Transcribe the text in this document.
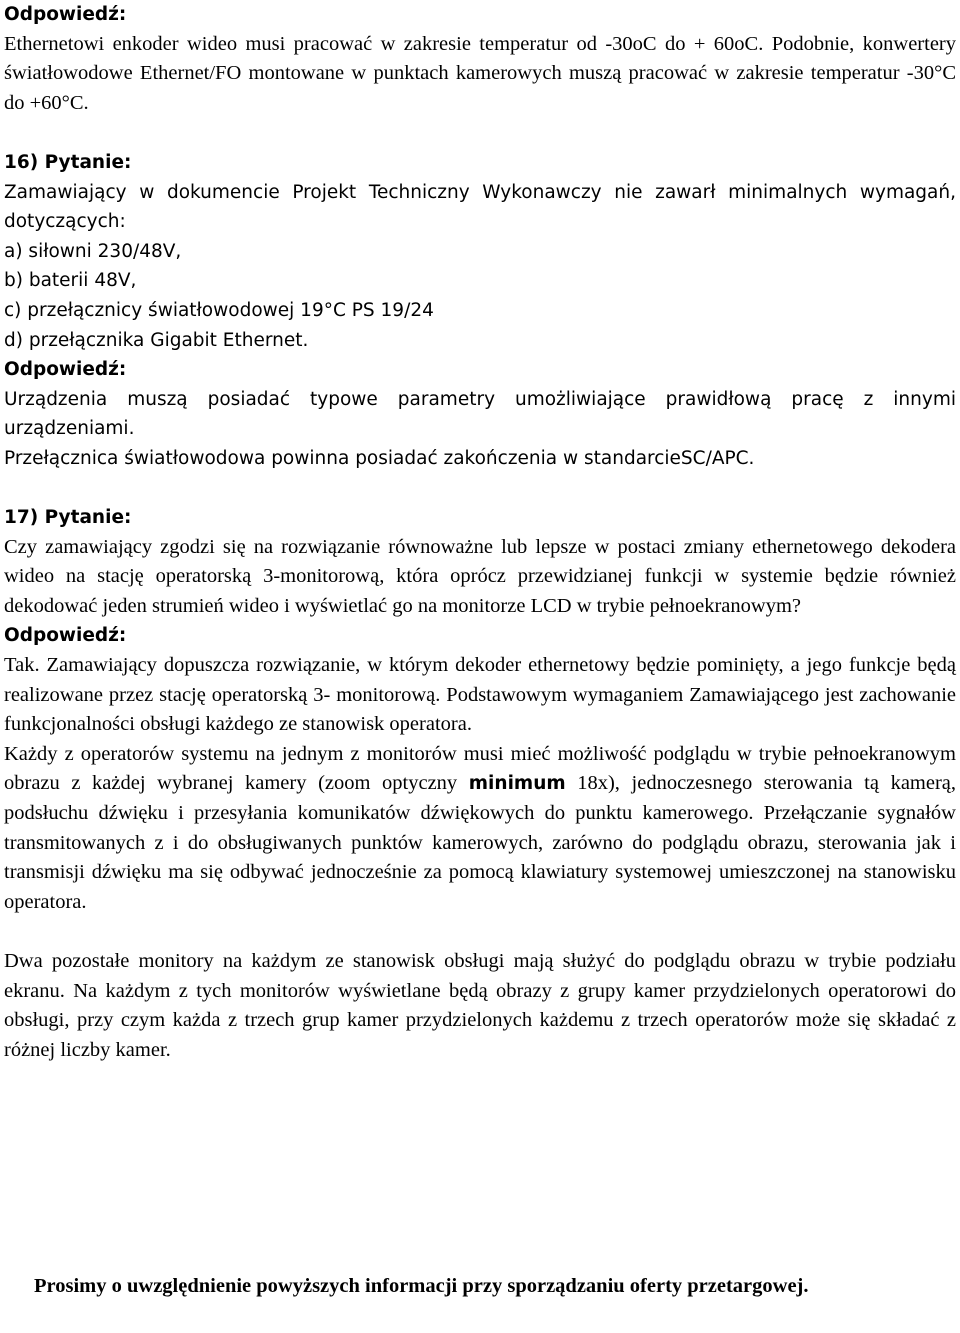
Odpowiedź:

Ethernetowi enkoder wideo musi pracować w zakresie temperatur od -30oC do + 60oC. Podobnie, konwertery światłowodowe Ethernet/FO montowane w punktach kamerowych muszą pracować w zakresie temperatur -30°C do +60°C.

16) Pytanie:

Zamawiający w dokumencie Projekt Techniczny Wykonawczy nie zawarł minimalnych wymagań, dotyczących:

a) siłowni 230/48V,
b) baterii 48V,
c) przełącznicy światłowodowej 19°C PS 19/24
d) przełącznika Gigabit Ethernet.

Odpowiedź:

Urządzenia muszą posiadać typowe parametry umożliwiające prawidłową pracę z innymi urządzeniami.

Przełącznica światłowodowa powinna posiadać zakończenia w standarcieSC/APC.

17) Pytanie:

Czy zamawiający zgodzi się na rozwiązanie równoważne lub lepsze w postaci zmiany ethernetowego dekodera wideo na stację operatorską 3-monitorową, która oprócz przewidzianej funkcji w systemie będzie również dekodować jeden strumień wideo i wyświetlać go na monitorze LCD w trybie pełnoekranowym?

Odpowiedź:

Tak. Zamawiający dopuszcza rozwiązanie, w którym dekoder ethernetowy będzie pominięty, a jego funkcje będą realizowane przez stację operatorską 3- monitorową. Podstawowym wymaganiem Zamawiającego jest zachowanie funkcjonalności obsługi każdego ze stanowisk operatora.

Każdy z operatorów systemu na jednym z monitorów musi mieć możliwość podglądu w trybie pełnoekranowym obrazu z każdej wybranej kamery (zoom optyczny minimum 18x), jednoczesnego sterowania tą kamerą, podsłuchu dźwięku i przesyłania komunikatów dźwiękowych do punktu kamerowego. Przełączanie sygnałów transmitowanych z i do obsługiwanych punktów kamerowych, zarówno do podglądu obrazu, sterowania jak i transmisji dźwięku ma się odbywać jednocześnie za pomocą klawiatury systemowej umieszczonej na stanowisku operatora.

Dwa pozostałe monitory na każdym ze stanowisk obsługi mają służyć do podglądu obrazu w trybie podziału ekranu. Na każdym z tych monitorów wyświetlane będą obrazy z grupy kamer przydzielonych operatorowi do obsługi, przy czym każda z trzech grup kamer przydzielonych każdemu z trzech operatorów może się składać z różnej liczby kamer.

Prosimy o uwzględnienie powyższych informacji przy sporządzaniu oferty przetargowej.
